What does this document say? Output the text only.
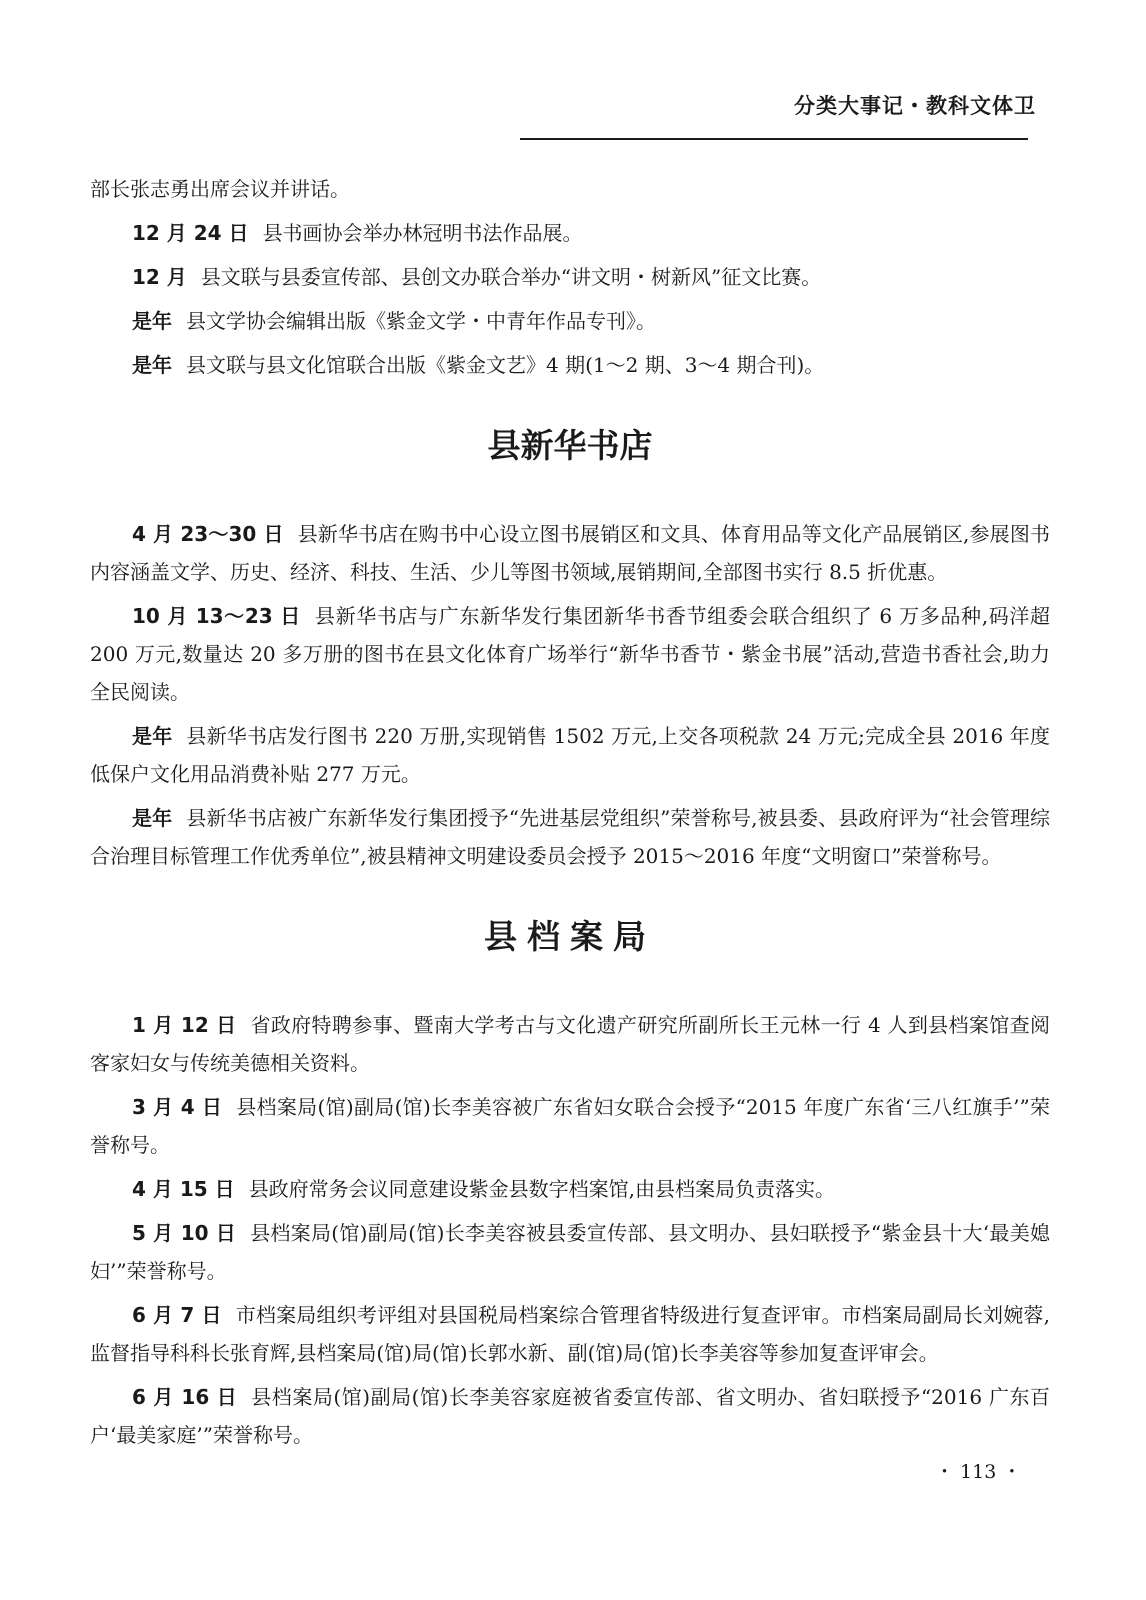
分类大事记・教科文体卫

部长张志勇出席会议并讲话。

12 月 24 日 县书画协会举办林冠明书法作品展。

12 月 县文联与县委宣传部、县创文办联合举办“讲文明・树新风”征文比赛。

是年 县文学协会编辑出版《紫金文学・中青年作品专刊》。

是年 县文联与县文化馆联合出版《紫金文艺》4 期(1～2 期、3～4 期合刊)。

县新华书店

4 月 23～30 日 县新华书店在购书中心设立图书展销区和文具、体育用品等文化产品展销区,参展图书内容涵盖文学、历史、经济、科技、生活、少儿等图书领域,展销期间,全部图书实行 8.5 折优惠。

10 月 13～23 日 县新华书店与广东新华发行集团新华书香节组委会联合组织了 6 万多品种,码洋超 200 万元,数量达 20 多万册的图书在县文化体育广场举行“新华书香节・紫金书展”活动,营造书香社会,助力全民阅读。

是年 县新华书店发行图书 220 万册,实现销售 1502 万元,上交各项税款 24 万元;完成全县 2016 年度低保户文化用品消费补贴 277 万元。

是年 县新华书店被广东新华发行集团授予“先进基层党组织”荣誉称号,被县委、县政府评为“社会管理综合治理目标管理工作优秀单位”,被县精神文明建设委员会授予 2015～2016 年度“文明窗口”荣誉称号。

县档案局

1 月 12 日 省政府特聘参事、暨南大学考古与文化遗产研究所副所长王元林一行 4 人到县档案馆查阅客家妇女与传统美德相关资料。

3 月 4 日 县档案局(馆)副局(馆)长李美容被广东省妇女联合会授予“2015 年度广东省‘三八红旗手’”荣誉称号。

4 月 15 日 县政府常务会议同意建设紫金县数字档案馆,由县档案局负责落实。

5 月 10 日 县档案局(馆)副局(馆)长李美容被县委宣传部、县文明办、县妇联授予“紫金县十大‘最美媳妇’”荣誉称号。

6 月 7 日 市档案局组织考评组对县国税局档案综合管理省特级进行复查评审。市档案局副局长刘婉蓉,监督指导科科长张育辉,县档案局(馆)局(馆)长郭水新、副(馆)局(馆)长李美容等参加复查评审会。

6 月 16 日 县档案局(馆)副局(馆)长李美容家庭被省委宣传部、省文明办、省妇联授予“2016 广东百户‘最美家庭’”荣誉称号。

・ 113 ・
